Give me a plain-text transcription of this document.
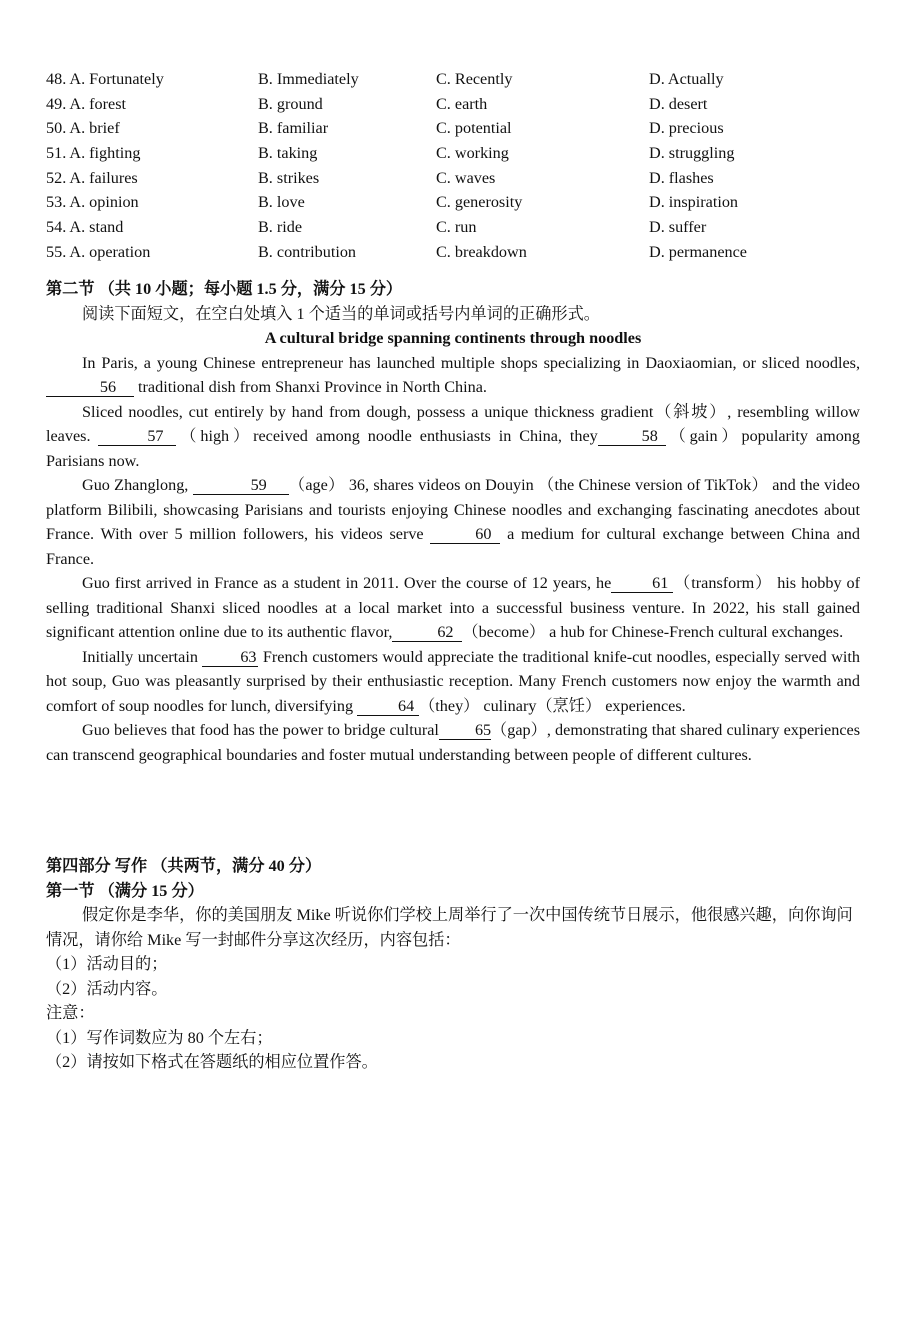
48. A. Fortunately	B. Immediately	C. Recently	D. Actually
49. A. forest	B. ground	C. earth	D. desert
50. A. brief	B. familiar	C. potential	D. precious
51. A. fighting	B. taking	C. working	D. struggling
52. A. failures	B. strikes	C. waves	D. flashes
53. A. opinion	B. love	C. generosity	D. inspiration
54. A. stand	B. ride	C. run	D. suffer
55. A. operation	B. contribution	C. breakdown	D. permanence
第二节 （共 10 小题；每小题 1.5 分，满分 15 分）
阅读下面短文，在空白处填入 1 个适当的单词或括号内单词的正确形式。
A cultural bridge spanning continents through noodles

In Paris, a young Chinese entrepreneur has launched multiple shops specializing in Daoxiaomian, or sliced noodles, 56 traditional dish from Shanxi Province in North China.

Sliced noodles, cut entirely by hand from dough, possess a unique thickness gradient（斜坡）, resembling willow leaves.	57 （high）received among noodle enthusiasts in China, they	58 （gain）popularity among Parisians now.

Guo Zhanglong,	59 （age） 36, shares videos on Douyin （the Chinese version of TikTok） and the video platform Bilibili, showcasing Parisians and tourists enjoying Chinese noodles and exchanging fascinating anecdotes about France. With over 5 million followers, his videos serve	60 a medium for cultural exchange between China and France.

Guo first arrived in France as a student in 2011. Over the course of 12 years, he	61 （transform） his hobby of selling traditional Shanxi sliced noodles at a local market into a successful business venture. In 2022, his stall gained significant attention online due to its authentic flavor,	62 （become） a hub for Chinese-French cultural exchanges.

Initially uncertain 63 French customers would appreciate the traditional knife-cut noodles, especially served with hot soup, Guo was pleasantly surprised by their enthusiastic reception. Many French customers now enjoy the warmth and comfort of soup noodles for lunch, diversifying	64 （they） culinary（烹饪） experiences.

Guo believes that food has the power to bridge cultural 65（gap）, demonstrating that shared culinary experiences can transcend geographical boundaries and foster mutual understanding between people of different cultures.

第四部分 写作 （共两节，满分 40 分）
第一节 （满分 15 分）

假定你是李华，你的美国朋友 Mike 听说你们学校上周举行了一次中国传统节日展示，他很感兴趣，向你询问情况，请你给 Mike 写一封邮件分享这次经历，内容包括：

（1）活动目的；
（2）活动内容。
注意：
（1）写作词数应为 80 个左右；
（2）请按如下格式在答题纸的相应位置作答。
